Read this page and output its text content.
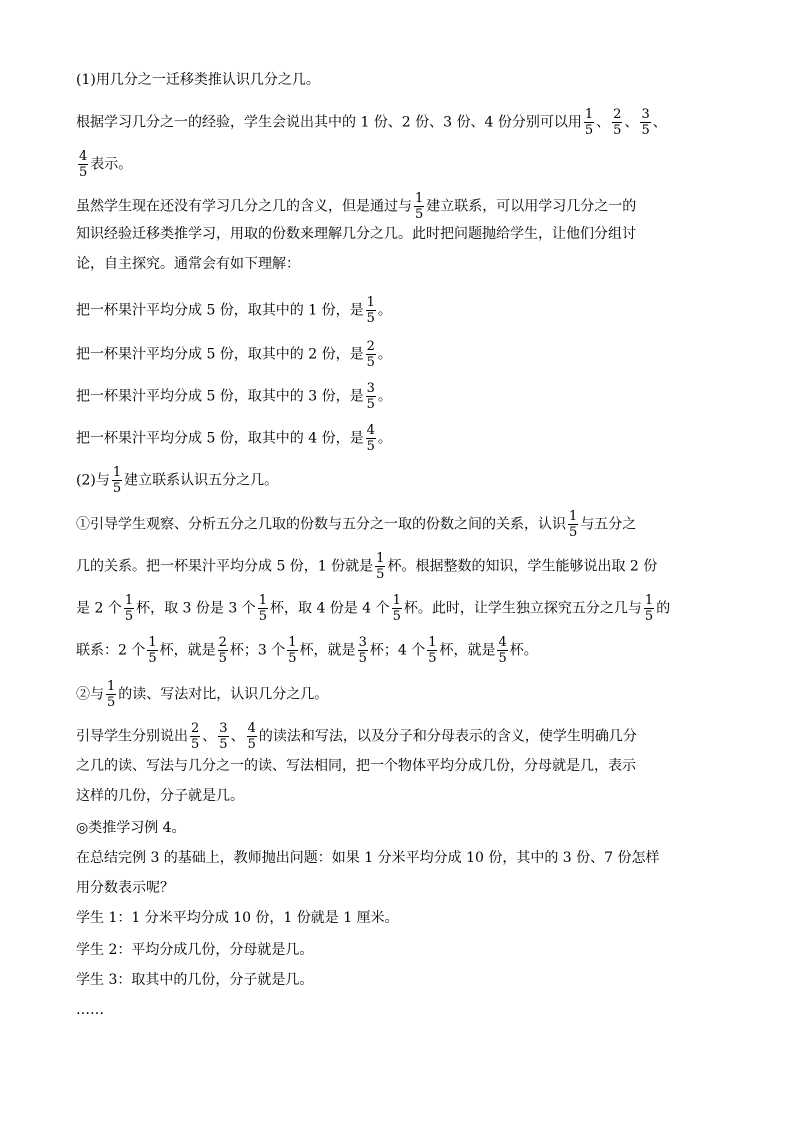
(1)用几分之一迁移类推认识几分之几。
根据学习几分之一的经验，学生会说出其中的 1 份、2 份、3 份、4 份分别可以用 $\frac{1}{5}$ 、 $\frac{2}{5}$ 、 $\frac{3}{5}$ 、
$\frac{4}{5}$ 表示。
虽然学生现在还没有学习几分之几的含义，但是通过与 $\frac{1}{5}$ 建立联系，可以用学习几分之一的
知识经验迁移类推学习，用取的份数来理解几分之几。此时把问题抛给学生，让他们分组讨
论，自主探究。通常会有如下理解：
把一杯果汁平均分成 5 份，取其中的 1 份，是 $\frac{1}{5}$ 。
把一杯果汁平均分成 5 份，取其中的 2 份，是 $\frac{2}{5}$ 。
把一杯果汁平均分成 5 份，取其中的 3 份，是 $\frac{3}{5}$ 。
把一杯果汁平均分成 5 份，取其中的 4 份，是 $\frac{4}{5}$ 。
(2)与 $\frac{1}{5}$ 建立联系认识五分之几。
①引导学生观察、分析五分之几取的份数与五分之一取的份数之间的关系，认识 $\frac{1}{5}$ 与五分之
几的关系。把一杯果汁平均分成 5 份，1 份就是 $\frac{1}{5}$ 杯。根据整数的知识，学生能够说出取 2 份
是 2 个 $\frac{1}{5}$ 杯，取 3 份是 3 个 $\frac{1}{5}$ 杯，取 4 份是 4 个 $\frac{1}{5}$ 杯。此时，让学生独立探究五分之几与 $\frac{1}{5}$ 的
联系：2 个 $\frac{1}{5}$ 杯，就是 $\frac{2}{5}$ 杯；3 个 $\frac{1}{5}$ 杯，就是 $\frac{3}{5}$ 杯；4 个 $\frac{1}{5}$ 杯，就是 $\frac{4}{5}$ 杯。
②与 $\frac{1}{5}$ 的读、写法对比，认识几分之几。
引导学生分别说出 $\frac{2}{5}$ 、 $\frac{3}{5}$ 、 $\frac{4}{5}$ 的读法和写法，以及分子和分母表示的含义，使学生明确几分
之几的读、写法与几分之一的读、写法相同，把一个物体平均分成几份，分母就是几，表示
这样的几份，分子就是几。
◎类推学习例 4。
在总结完例 3 的基础上，教师抛出问题：如果 1 分米平均分成 10 份，其中的 3 份、7 份怎样
用分数表示呢？
学生 1：1 分米平均分成 10 份，1 份就是 1 厘米。
学生 2：平均分成几份，分母就是几。
学生 3：取其中的几份，分子就是几。
……
